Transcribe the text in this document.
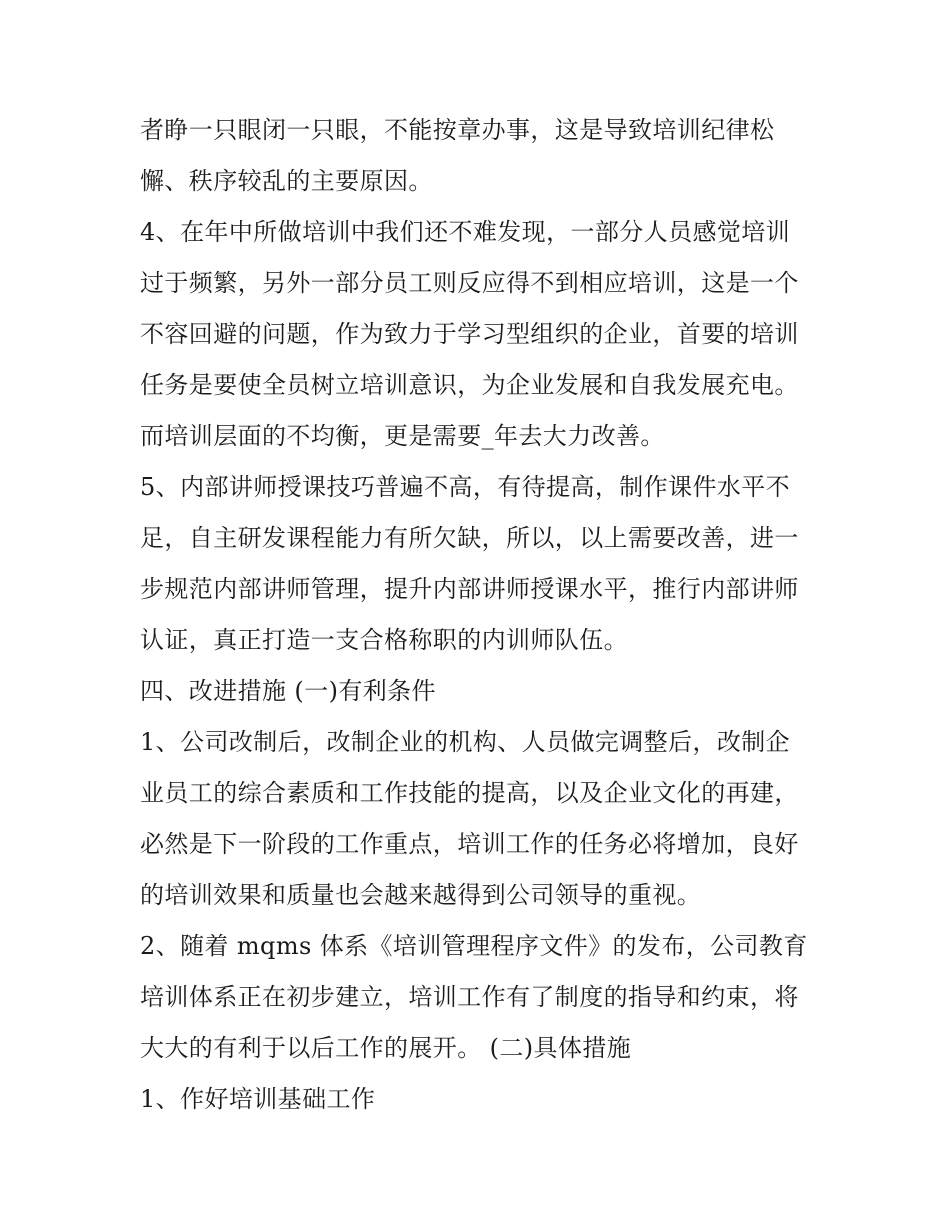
者睁一只眼闭一只眼，不能按章办事，这是导致培训纪律松
懈、秩序较乱的主要原因。

4、在年中所做培训中我们还不难发现，一部分人员感觉培训
过于频繁，另外一部分员工则反应得不到相应培训，这是一个
不容回避的问题，作为致力于学习型组织的企业，首要的培训
任务是要使全员树立培训意识，为企业发展和自我发展充电。
而培训层面的不均衡，更是需要_年去大力改善。

5、内部讲师授课技巧普遍不高，有待提高，制作课件水平不
足，自主研发课程能力有所欠缺，所以，以上需要改善，进一
步规范内部讲师管理，提升内部讲师授课水平，推行内部讲师
认证，真正打造一支合格称职的内训师队伍。

四、改进措施 (一)有利条件

1、公司改制后，改制企业的机构、人员做完调整后，改制企
业员工的综合素质和工作技能的提高，以及企业文化的再建，
必然是下一阶段的工作重点，培训工作的任务必将增加，良好
的培训效果和质量也会越来越得到公司领导的重视。

2、随着 mqms 体系《培训管理程序文件》的发布，公司教育
培训体系正在初步建立，培训工作有了制度的指导和约束，将
大大的有利于以后工作的展开。 (二)具体措施

1、作好培训基础工作
